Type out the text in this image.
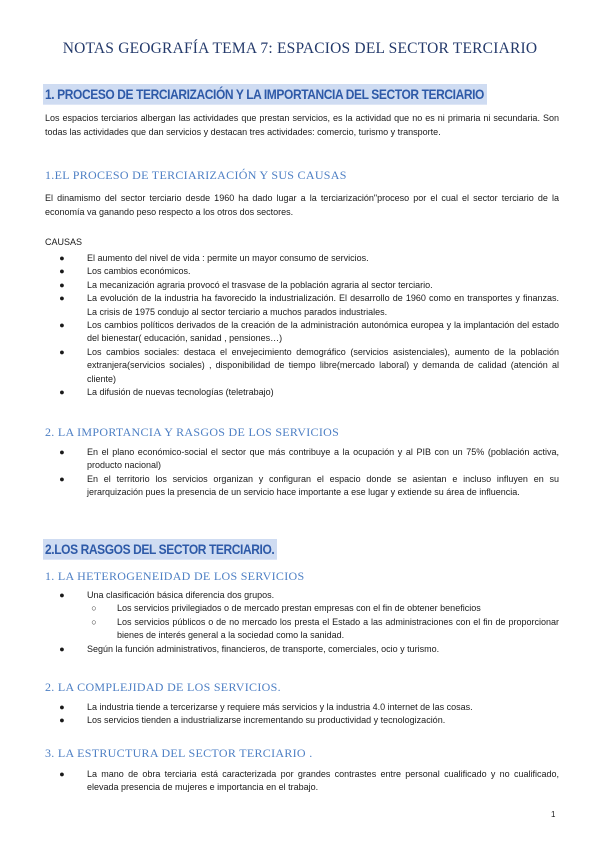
NOTAS GEOGRAFÍA TEMA 7: ESPACIOS DEL SECTOR TERCIARIO
1. PROCESO DE TERCIARIZACIÓN Y LA IMPORTANCIA DEL SECTOR TERCIARIO
Los espacios terciarios albergan las actividades que prestan servicios, es la actividad que no es ni primaria ni secundaria. Son todas las actividades que dan servicios y destacan tres actividades: comercio, turismo y transporte.
1.EL PROCESO DE TERCIARIZACIÓN Y SUS CAUSAS
El dinamismo del sector terciario desde 1960 ha dado lugar a la terciarización"proceso por el cual el sector terciario de la economía va ganando peso respecto a los otros dos sectores.
CAUSAS
● El aumento del nivel de vida : permite un mayor consumo de servicios.
● Los cambios económicos.
● La mecanización agraria provocó el trasvase de la población agraria al sector terciario.
● La evolución de la industria ha favorecido la industrialización. El desarrollo de 1960 como en transportes y finanzas. La crisis de 1975 condujo al sector terciario a muchos parados industriales.
● Los cambios políticos derivados de la creación de la administración autonómica europea y la implantación del estado del bienestar( educación, sanidad , pensiones…)
● Los cambios sociales: destaca el envejecimiento demográfico (servicios asistenciales), aumento de la población extranjera(servicios sociales) , disponibilidad de tiempo libre(mercado laboral) y demanda de calidad (atención al cliente)
● La difusión de nuevas tecnologías (teletrabajo)
2. LA IMPORTANCIA Y RASGOS DE LOS SERVICIOS
● En el plano económico-social el sector que más contribuye a la ocupación y al PIB con un 75% (población activa, producto nacional)
● En el territorio los servicios organizan y configuran el espacio donde se asientan e incluso influyen en su jerarquización pues la presencia de un servicio hace importante a ese lugar y extiende su área de influencia.
2.LOS RASGOS DEL SECTOR TERCIARIO.
1. LA HETEROGENEIDAD DE LOS SERVICIOS
● Una clasificación básica diferencia dos grupos.
○ Los servicios privilegiados o de mercado prestan empresas con el fin de obtener beneficios
○ Los servicios públicos o de no mercado los presta el Estado a las administraciones con el fin de proporcionar bienes de interés general a la sociedad como la sanidad.
● Según la función administrativos, financieros, de transporte, comerciales, ocio y turismo.
2. LA COMPLEJIDAD DE LOS SERVICIOS.
● La industria tiende a tercerizarse y requiere más servicios y la industria 4.0 internet de las cosas.
● Los servicios tienden a industrializarse incrementando su productividad y tecnologización.
3. LA ESTRUCTURA DEL SECTOR TERCIARIO .
● La mano de obra terciaria está caracterizada por grandes contrastes entre personal cualificado y no cualificado, elevada presencia de mujeres e importancia en el trabajo.
1
